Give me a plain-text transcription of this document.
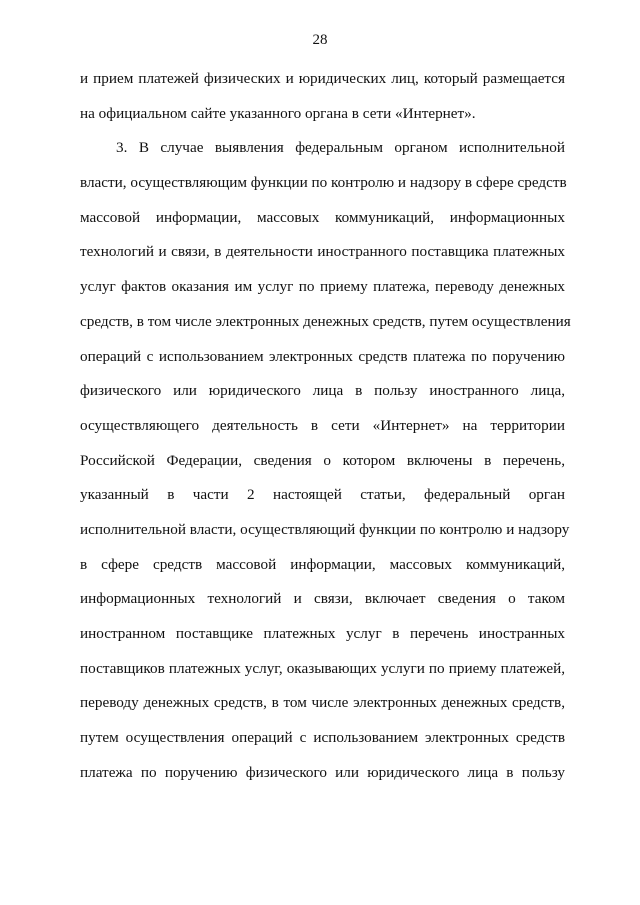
28
и прием платежей физических и юридических лиц, который размещается
на официальном сайте указанного органа в сети «Интернет».
3. В случае выявления федеральным органом исполнительной
власти, осуществляющим функции по контролю и надзору в сфере средств
массовой информации, массовых коммуникаций, информационных
технологий и связи, в деятельности иностранного поставщика платежных
услуг фактов оказания им услуг по приему платежа, переводу денежных
средств, в том числе электронных денежных средств, путем осуществления
операций с использованием электронных средств платежа по поручению
физического или юридического лица в пользу иностранного лица,
осуществляющего деятельность в сети «Интернет» на территории
Российской Федерации, сведения о котором включены в перечень,
указанный в части 2 настоящей статьи, федеральный орган
исполнительной власти, осуществляющий функции по контролю и надзору
в сфере средств массовой информации, массовых коммуникаций,
информационных технологий и связи, включает сведения о таком
иностранном поставщике платежных услуг в перечень иностранных
поставщиков платежных услуг, оказывающих услуги по приему платежей,
переводу денежных средств, в том числе электронных денежных средств,
путем осуществления операций с использованием электронных средств
платежа по поручению физического или юридического лица в пользу
